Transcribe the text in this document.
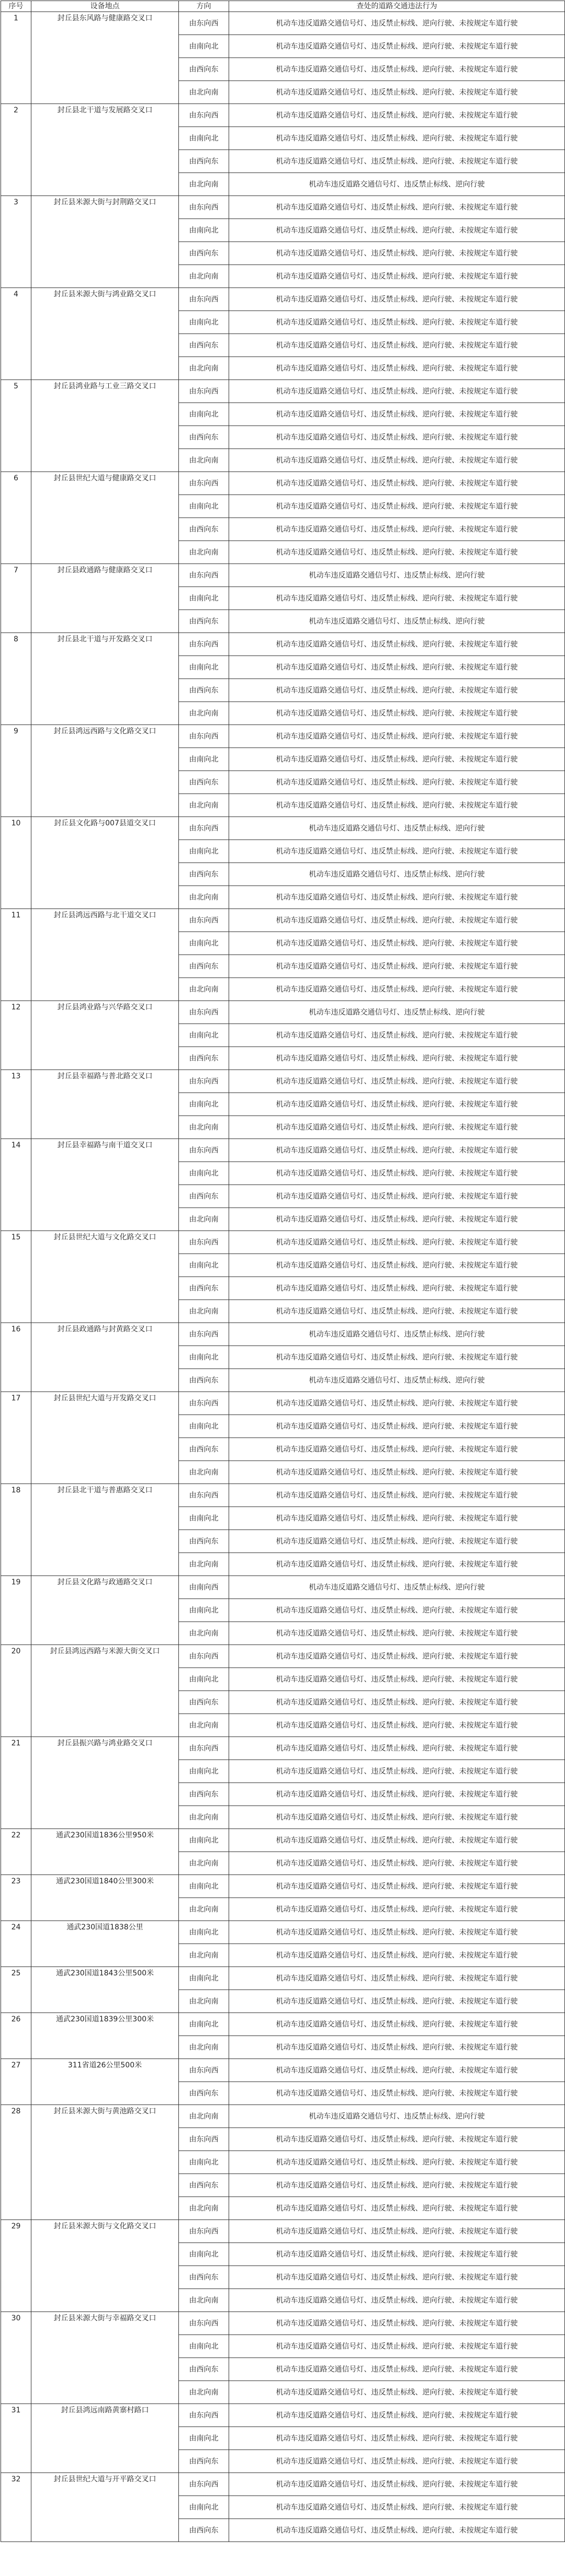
序号	设备地点	方向	查处的道路交通违法行为
1	封丘县东风路与健康路交叉口	由东向西	机动车违反道路交通信号灯、违反禁止标线、逆向行驶、未按规定车道行驶
		由南向北	机动车违反道路交通信号灯、违反禁止标线、逆向行驶、未按规定车道行驶
		由西向东	机动车违反道路交通信号灯、违反禁止标线、逆向行驶、未按规定车道行驶
		由北向南	机动车违反道路交通信号灯、违反禁止标线、逆向行驶、未按规定车道行驶
2	封丘县北干道与发展路交叉口	由东向西	机动车违反道路交通信号灯、违反禁止标线、逆向行驶、未按规定车道行驶
		由南向北	机动车违反道路交通信号灯、违反禁止标线、逆向行驶、未按规定车道行驶
		由西向东	机动车违反道路交通信号灯、违反禁止标线、逆向行驶、未按规定车道行驶
		由北向南	机动车违反道路交通信号灯、违反禁止标线、逆向行驶
3	封丘县米源大街与封荆路交叉口	由东向西	机动车违反道路交通信号灯、违反禁止标线、逆向行驶、未按规定车道行驶
		由南向北	机动车违反道路交通信号灯、违反禁止标线、逆向行驶、未按规定车道行驶
		由西向东	机动车违反道路交通信号灯、违反禁止标线、逆向行驶、未按规定车道行驶
		由北向南	机动车违反道路交通信号灯、违反禁止标线、逆向行驶、未按规定车道行驶
4	封丘县米源大街与鸿业路交叉口	由东向西	机动车违反道路交通信号灯、违反禁止标线、逆向行驶、未按规定车道行驶
		由南向北	机动车违反道路交通信号灯、违反禁止标线、逆向行驶、未按规定车道行驶
		由西向东	机动车违反道路交通信号灯、违反禁止标线、逆向行驶、未按规定车道行驶
		由北向南	机动车违反道路交通信号灯、违反禁止标线、逆向行驶、未按规定车道行驶
5	封丘县鸿业路与工业三路交叉口	由东向西	机动车违反道路交通信号灯、违反禁止标线、逆向行驶、未按规定车道行驶
		由南向北	机动车违反道路交通信号灯、违反禁止标线、逆向行驶、未按规定车道行驶
		由西向东	机动车违反道路交通信号灯、违反禁止标线、逆向行驶、未按规定车道行驶
		由北向南	机动车违反道路交通信号灯、违反禁止标线、逆向行驶、未按规定车道行驶
6	封丘县世纪大道与健康路交叉口	由东向西	机动车违反道路交通信号灯、违反禁止标线、逆向行驶、未按规定车道行驶
		由南向北	机动车违反道路交通信号灯、违反禁止标线、逆向行驶、未按规定车道行驶
		由西向东	机动车违反道路交通信号灯、违反禁止标线、逆向行驶、未按规定车道行驶
		由北向南	机动车违反道路交通信号灯、违反禁止标线、逆向行驶、未按规定车道行驶
7	封丘县政通路与健康路交叉口	由东向西	机动车违反道路交通信号灯、违反禁止标线、逆向行驶
		由南向北	机动车违反道路交通信号灯、违反禁止标线、逆向行驶、未按规定车道行驶
		由西向东	机动车违反道路交通信号灯、违反禁止标线、逆向行驶
8	封丘县北干道与开发路交叉口	由东向西	机动车违反道路交通信号灯、违反禁止标线、逆向行驶、未按规定车道行驶
		由南向北	机动车违反道路交通信号灯、违反禁止标线、逆向行驶、未按规定车道行驶
		由西向东	机动车违反道路交通信号灯、违反禁止标线、逆向行驶、未按规定车道行驶
		由北向南	机动车违反道路交通信号灯、违反禁止标线、逆向行驶、未按规定车道行驶
9	封丘县鸿远西路与文化路交叉口	由东向西	机动车违反道路交通信号灯、违反禁止标线、逆向行驶、未按规定车道行驶
		由南向北	机动车违反道路交通信号灯、违反禁止标线、逆向行驶、未按规定车道行驶
		由西向东	机动车违反道路交通信号灯、违反禁止标线、逆向行驶、未按规定车道行驶
		由北向南	机动车违反道路交通信号灯、违反禁止标线、逆向行驶、未按规定车道行驶
10	封丘县文化路与007县道交叉口	由东向西	机动车违反道路交通信号灯、违反禁止标线、逆向行驶
		由南向北	机动车违反道路交通信号灯、违反禁止标线、逆向行驶、未按规定车道行驶
		由西向东	机动车违反道路交通信号灯、违反禁止标线、逆向行驶
		由北向南	机动车违反道路交通信号灯、违反禁止标线、逆向行驶、未按规定车道行驶
11	封丘县鸿远西路与北干道交叉口	由东向西	机动车违反道路交通信号灯、违反禁止标线、逆向行驶、未按规定车道行驶
		由南向北	机动车违反道路交通信号灯、违反禁止标线、逆向行驶、未按规定车道行驶
		由西向东	机动车违反道路交通信号灯、违反禁止标线、逆向行驶、未按规定车道行驶
		由北向南	机动车违反道路交通信号灯、违反禁止标线、逆向行驶、未按规定车道行驶
12	封丘县鸿业路与兴华路交叉口	由东向西	机动车违反道路交通信号灯、违反禁止标线、逆向行驶
		由南向北	机动车违反道路交通信号灯、违反禁止标线、逆向行驶、未按规定车道行驶
		由西向东	机动车违反道路交通信号灯、违反禁止标线、逆向行驶、未按规定车道行驶
13	封丘县幸福路与普北路交叉口	由东向西	机动车违反道路交通信号灯、违反禁止标线、逆向行驶、未按规定车道行驶
		由南向北	机动车违反道路交通信号灯、违反禁止标线、逆向行驶、未按规定车道行驶
		由北向南	机动车违反道路交通信号灯、违反禁止标线、逆向行驶、未按规定车道行驶
14	封丘县幸福路与南干道交叉口	由东向西	机动车违反道路交通信号灯、违反禁止标线、逆向行驶、未按规定车道行驶
		由南向北	机动车违反道路交通信号灯、违反禁止标线、逆向行驶、未按规定车道行驶
		由西向东	机动车违反道路交通信号灯、违反禁止标线、逆向行驶、未按规定车道行驶
		由北向南	机动车违反道路交通信号灯、违反禁止标线、逆向行驶、未按规定车道行驶
15	封丘县世纪大道与文化路交叉口	由东向西	机动车违反道路交通信号灯、违反禁止标线、逆向行驶、未按规定车道行驶
		由南向北	机动车违反道路交通信号灯、违反禁止标线、逆向行驶、未按规定车道行驶
		由西向东	机动车违反道路交通信号灯、违反禁止标线、逆向行驶、未按规定车道行驶
		由北向南	机动车违反道路交通信号灯、违反禁止标线、逆向行驶、未按规定车道行驶
16	封丘县政通路与封黄路交叉口	由东向西	机动车违反道路交通信号灯、违反禁止标线、逆向行驶
		由南向北	机动车违反道路交通信号灯、违反禁止标线、逆向行驶、未按规定车道行驶
		由西向东	机动车违反道路交通信号灯、违反禁止标线、逆向行驶
17	封丘县世纪大道与开发路交叉口	由东向西	机动车违反道路交通信号灯、违反禁止标线、逆向行驶、未按规定车道行驶
		由南向北	机动车违反道路交通信号灯、违反禁止标线、逆向行驶、未按规定车道行驶
		由西向东	机动车违反道路交通信号灯、违反禁止标线、逆向行驶、未按规定车道行驶
		由北向南	机动车违反道路交通信号灯、违反禁止标线、逆向行驶、未按规定车道行驶
18	封丘县北干道与普惠路交叉口	由东向西	机动车违反道路交通信号灯、违反禁止标线、逆向行驶、未按规定车道行驶
		由南向北	机动车违反道路交通信号灯、违反禁止标线、逆向行驶、未按规定车道行驶
		由西向东	机动车违反道路交通信号灯、违反禁止标线、逆向行驶、未按规定车道行驶
		由北向南	机动车违反道路交通信号灯、违反禁止标线、逆向行驶、未按规定车道行驶
19	封丘县文化路与政通路交叉口	由南向西	机动车违反道路交通信号灯、违反禁止标线、逆向行驶
		由南向北	机动车违反道路交通信号灯、违反禁止标线、逆向行驶、未按规定车道行驶
		由北向南	机动车违反道路交通信号灯、违反禁止标线、逆向行驶、未按规定车道行驶
20	封丘县鸿远西路与米源大街交叉口	由东向西	机动车违反道路交通信号灯、违反禁止标线、逆向行驶、未按规定车道行驶
		由南向北	机动车违反道路交通信号灯、违反禁止标线、逆向行驶、未按规定车道行驶
		由西向东	机动车违反道路交通信号灯、违反禁止标线、逆向行驶、未按规定车道行驶
		由北向南	机动车违反道路交通信号灯、违反禁止标线、逆向行驶、未按规定车道行驶
21	封丘县振兴路与鸿业路交叉口	由东向西	机动车违反道路交通信号灯、违反禁止标线、逆向行驶、未按规定车道行驶
		由南向北	机动车违反道路交通信号灯、违反禁止标线、逆向行驶、未按规定车道行驶
		由西向东	机动车违反道路交通信号灯、违反禁止标线、逆向行驶、未按规定车道行驶
		由北向南	机动车违反道路交通信号灯、违反禁止标线、逆向行驶、未按规定车道行驶
22	通武230国道1836公里950米	由南向北	机动车违反道路交通信号灯、违反禁止标线、逆向行驶、未按规定车道行驶
		由北向南	机动车违反道路交通信号灯、违反禁止标线、逆向行驶、未按规定车道行驶
23	通武230国道1840公里300米	由南向北	机动车违反道路交通信号灯、违反禁止标线、逆向行驶、未按规定车道行驶
		由北向南	机动车违反道路交通信号灯、违反禁止标线、逆向行驶、未按规定车道行驶
24	通武230国道1838公里	由南向北	机动车违反道路交通信号灯、违反禁止标线、逆向行驶、未按规定车道行驶
		由北向南	机动车违反道路交通信号灯、违反禁止标线、逆向行驶、未按规定车道行驶
25	通武230国道1843公里500米	由南向北	机动车违反道路交通信号灯、违反禁止标线、逆向行驶、未按规定车道行驶
		由北向南	机动车违反道路交通信号灯、违反禁止标线、逆向行驶、未按规定车道行驶
26	通武230国道1839公里300米	由南向北	机动车违反道路交通信号灯、违反禁止标线、逆向行驶、未按规定车道行驶
		由北向南	机动车违反道路交通信号灯、违反禁止标线、逆向行驶、未按规定车道行驶
27	311省道26公里500米	由东向西	机动车违反道路交通信号灯、违反禁止标线、逆向行驶、未按规定车道行驶
		由西向东	机动车违反道路交通信号灯、违反禁止标线、逆向行驶、未按规定车道行驶
28	封丘县米源大街与黄池路交叉口	由北向南	机动车违反道路交通信号灯、违反禁止标线、逆向行驶
		由东向西	机动车违反道路交通信号灯、违反禁止标线、逆向行驶、未按规定车道行驶
		由南向北	机动车违反道路交通信号灯、违反禁止标线、逆向行驶、未按规定车道行驶
		由西向东	机动车违反道路交通信号灯、违反禁止标线、逆向行驶、未按规定车道行驶
		由北向南	机动车违反道路交通信号灯、违反禁止标线、逆向行驶、未按规定车道行驶
29	封丘县米源大街与文化路交叉口	由东向西	机动车违反道路交通信号灯、违反禁止标线、逆向行驶、未按规定车道行驶
		由南向北	机动车违反道路交通信号灯、违反禁止标线、逆向行驶、未按规定车道行驶
		由西向东	机动车违反道路交通信号灯、违反禁止标线、逆向行驶、未按规定车道行驶
		由北向南	机动车违反道路交通信号灯、违反禁止标线、逆向行驶、未按规定车道行驶
30	封丘县米源大街与幸福路交叉口	由东向西	机动车违反道路交通信号灯、违反禁止标线、逆向行驶、未按规定车道行驶
		由南向北	机动车违反道路交通信号灯、违反禁止标线、逆向行驶、未按规定车道行驶
		由西向东	机动车违反道路交通信号灯、违反禁止标线、逆向行驶、未按规定车道行驶
		由北向南	机动车违反道路交通信号灯、违反禁止标线、逆向行驶、未按规定车道行驶
31	封丘县鸿远南路黄寨村路口	由东向西	机动车违反道路交通信号灯、违反禁止标线、逆向行驶、未按规定车道行驶
		由南向北	机动车违反道路交通信号灯、违反禁止标线、逆向行驶、未按规定车道行驶
		由西向东	机动车违反道路交通信号灯、违反禁止标线、逆向行驶、未按规定车道行驶
32	封丘县世纪大道与开平路交叉口	由东向西	机动车违反道路交通信号灯、违反禁止标线、逆向行驶、未按规定车道行驶
		由南向北	机动车违反道路交通信号灯、违反禁止标线、逆向行驶、未按规定车道行驶
		由西向东	机动车违反道路交通信号灯、违反禁止标线、逆向行驶、未按规定车道行驶
